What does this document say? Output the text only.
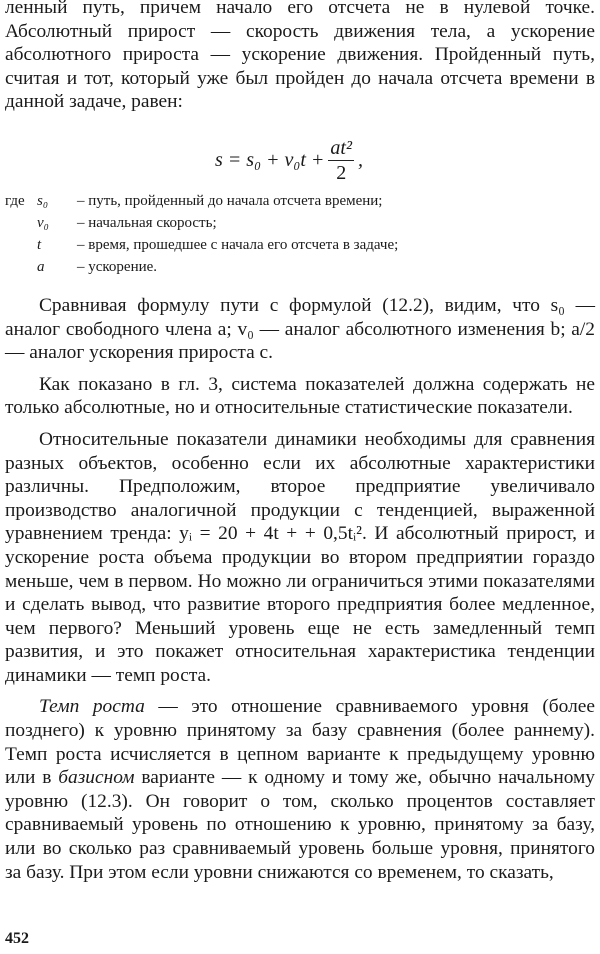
ленный путь, причем начало его отсчета не в нулевой точке. Абсолютный прирост — скорость движения тела, а ускорение абсолютного прироста — ускорение движения. Пройденный путь, считая и тот, который уже был пройден до начала отсчета времени в данной задаче, равен:

$s = s_0 + v_0t + \frac{\text{at²}}{2}$ ,
где s₀	– путь, пройденный до начала отсчета времени;
v₀	– начальная скорость;
t	– время, прошедшее с начала его отсчета в задаче;
a	– ускорение.

Сравнивая формулу пути с формулой (12.2), видим, что s₀ — аналог свободного члена a; v₀ — аналог абсолютного изменения b; a/2 — аналог ускорения прироста c.

Как показано в гл. 3, система показателей должна содержать не только абсолютные, но и относительные статистические показатели.

Относительные показатели динамики необходимы для сравнения разных объектов, особенно если их абсолютные характеристики различны. Предположим, второе предприятие увеличивало производство аналогичной продукции с тенденцией, выраженной уравнением тренда: yᵢ = 20 + 4t + + 0,5tᵢ². И абсолютный прирост, и ускорение роста объема продукции во втором предприятии гораздо меньше, чем в первом. Но можно ли ограничиться этими показателями и сделать вывод, что развитие второго предприятия более медленное, чем первого? Меньший уровень еще не есть замедленный темп развития, и это покажет относительная характеристика тенденции динамики — темп роста.

Темп роста — это отношение сравниваемого уровня (более позднего) к уровню принятому за базу сравнения (более раннему). Темп роста исчисляется в цепном варианте к предыдущему уровню или в базисном варианте — к одному и тому же, обычно начальному уровню (12.3). Он говорит о том, сколько процентов составляет сравниваемый уровень по отношению к уровню, принятому за базу, или во сколько раз сравниваемый уровень больше уровня, принятого за базу. При этом если уровни снижаются со временем, то сказать,

452
